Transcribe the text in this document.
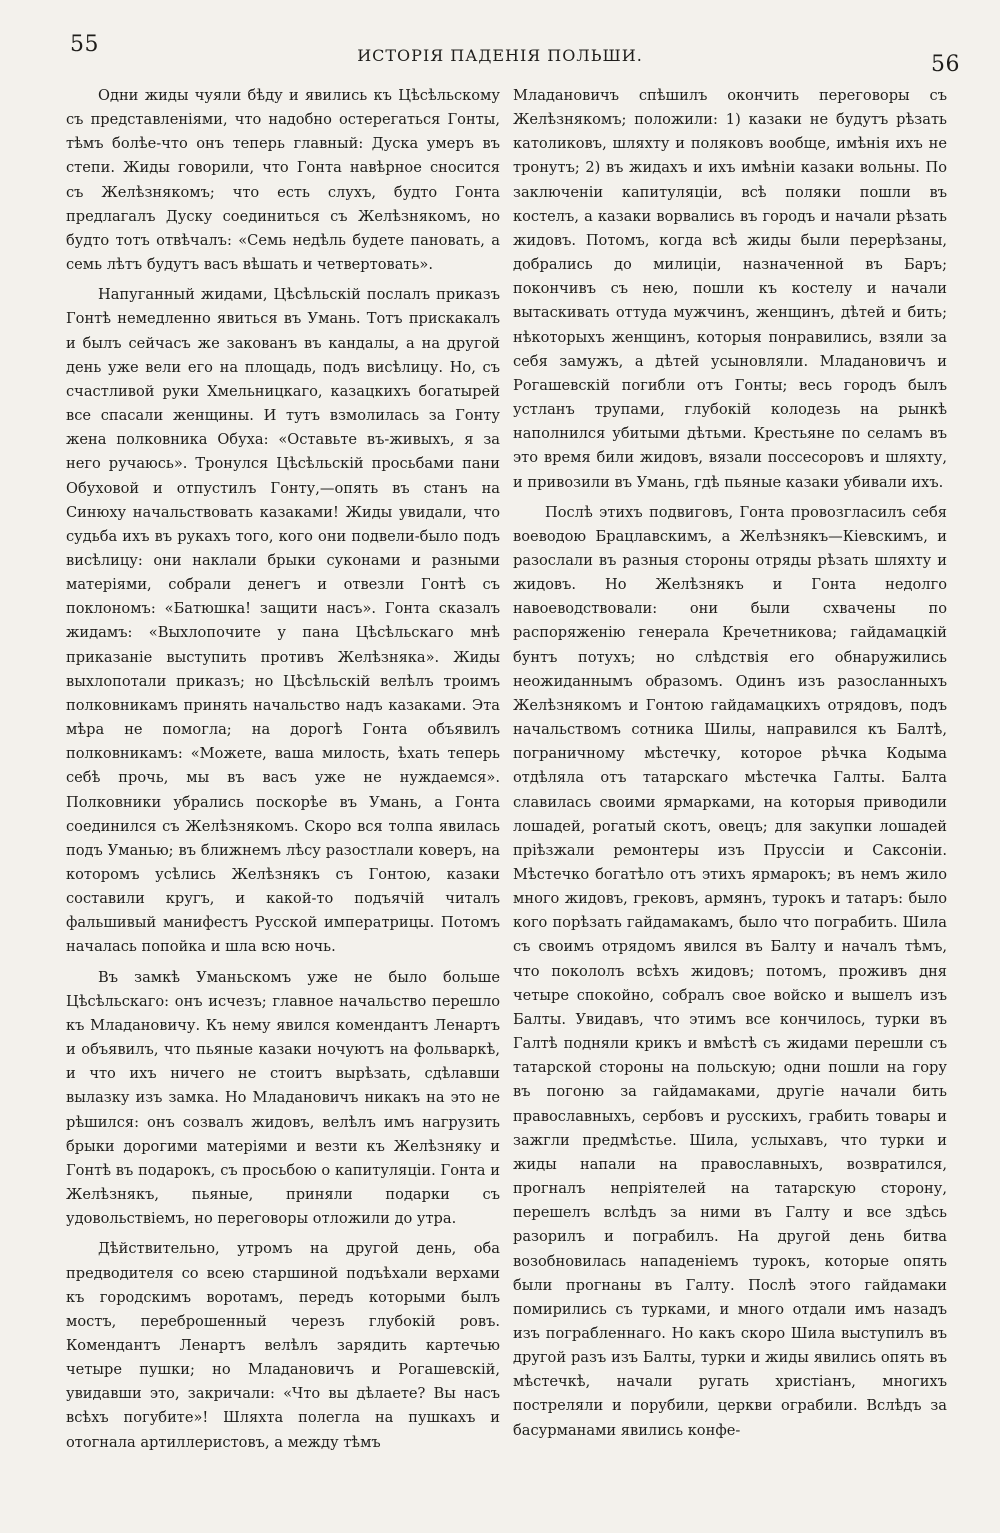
55	ИСТОРІЯ ПАДЕНІЯ ПОЛЬШИ.	56

Одни жиды чуяли бѣду и явились къ Цѣсѣльскому съ представленіями, что надобно остерегаться Гонты, тѣмъ болѣе-что онъ теперь главный: Дуска умеръ въ степи. Жиды говорили, что Гонта навѣрное сносится съ Желѣзнякомъ; что есть слухъ, будто Гонта предлагалъ Дуску соединиться съ Желѣзнякомъ, но будто тотъ отвѣчалъ: «Семь недѣль будете пановать, а семь лѣтъ будутъ васъ вѣшать и четвертовать».

Напуганный жидами, Цѣсѣльскій послалъ приказъ Гонтѣ немедленно явиться въ Умань. Тотъ прискакалъ и былъ сейчасъ же закованъ въ кандалы, а на другой день уже вели его на площадь, подъ висѣлицу. Но, съ счастливой руки Хмельницкаго, казацкихъ богатырей все спасали женщины. И тутъ взмолилась за Гонту жена полковника Обуха: «Оставьте въ-живыхъ, я за него ручаюсь». Тронулся Цѣсѣльскій просьбами пани Обуховой и отпустилъ Гонту,—опять въ станъ на Синюху начальствовать казаками! Жиды увидали, что судьба ихъ въ рукахъ того, кого они подвели-было подъ висѣлицу: они наклали брыки суконами и разными матеріями, собрали денегъ и отвезли Гонтѣ съ поклономъ: «Батюшка! защити насъ». Гонта сказалъ жидамъ: «Выхлопочите у пана Цѣсѣльскаго мнѣ приказаніе выступить противъ Желѣзняка». Жиды выхлопотали приказъ; но Цѣсѣльскій велѣлъ троимъ полковникамъ принять начальство надъ казаками. Эта мѣра не помогла; на дорогѣ Гонта объявилъ полковникамъ: «Можете, ваша милость, ѣхать теперь себѣ прочь, мы въ васъ уже не нуждаемся». Полковники убрались поскорѣе въ Умань, а Гонта соединился съ Желѣзнякомъ. Скоро вся толпа явилась подъ Уманью; въ ближнемъ лѣсу разостлали коверъ, на которомъ усѣлись Желѣзнякъ съ Гонтою, казаки составили кругъ, и какой-то подъячій читалъ фальшивый манифестъ Русской императрицы. Потомъ началась попойка и шла всю ночь.

Въ замкѣ Уманьскомъ уже не было больше Цѣсѣльскаго: онъ исчезъ; главное начальство перешло къ Младановичу. Къ нему явился комендантъ Ленартъ и объявилъ, что пьяные казаки ночуютъ на фольваркѣ, и что ихъ ничего не стоитъ вырѣзать, сдѣлавши вылазку изъ замка. Но Младановичъ никакъ на это не рѣшился: онъ созвалъ жидовъ, велѣлъ имъ нагрузить брыки дорогими матеріями и везти къ Желѣзняку и Гонтѣ въ подарокъ, съ просьбою о капитуляціи. Гонта и Желѣзнякъ, пьяные, приняли подарки съ удовольствіемъ, но переговоры отложили до утра.

Дѣйствительно, утромъ на другой день, оба предводителя со всею старшиной подъѣхали верхами къ городскимъ воротамъ, передъ которыми былъ мостъ, переброшенный черезъ глубокій ровъ. Комендантъ Ленартъ велѣлъ зарядить картечью четыре пушки; но Младановичъ и Рогашевскій, увидавши это, закричали: «Что вы дѣлаете? Вы насъ всѣхъ погубите»! Шляхта полегла на пушкахъ и отогнала артиллеристовъ, а между тѣмъ

Младановичъ спѣшилъ окончить переговоры съ Желѣзнякомъ; положили: 1) казаки не будутъ рѣзать католиковъ, шляхту и поляковъ вообще, имѣнія ихъ не тронутъ; 2) въ жидахъ и ихъ имѣніи казаки вольны. По заключеніи капитуляціи, всѣ поляки пошли въ костелъ, а казаки ворвались въ городъ и начали рѣзать жидовъ. Потомъ, когда всѣ жиды были перерѣзаны, добрались до милиціи, назначенной въ Баръ; покончивъ съ нею, пошли къ костелу и начали вытаскивать оттуда мужчинъ, женщинъ, дѣтей и бить; нѣкоторыхъ женщинъ, которыя понравились, взяли за себя замужъ, а дѣтей усыновляли. Младановичъ и Рогашевскій погибли отъ Гонты; весь городъ былъ устланъ трупами, глубокій колодезь на рынкѣ наполнился убитыми дѣтьми. Крестьяне по селамъ въ это время били жидовъ, вязали поссесоровъ и шляхту, и привозили въ Умань, гдѣ пьяные казаки убивали ихъ.

Послѣ этихъ подвиговъ, Гонта провозгласилъ себя воеводою Брацлавскимъ, а Желѣзнякъ—Кіевскимъ, и разослали въ разныя стороны отряды рѣзать шляхту и жидовъ. Но Желѣзнякъ и Гонта недолго навоеводствовали: они были схвачены по распоряженію генерала Кречетникова; гайдамацкій бунтъ потухъ; но слѣдствія его обнаружились неожиданнымъ образомъ. Одинъ изъ разосланныхъ Желѣзнякомъ и Гонтою гайдамацкихъ отрядовъ, подъ начальствомъ сотника Шилы, направился къ Балтѣ, пограничному мѣстечку, которое рѣчка Кодыма отдѣляла отъ татарскаго мѣстечка Галты. Балта славилась своими ярмарками, на которыя приводили лошадей, рогатый скотъ, овецъ; для закупки лошадей пріѣзжали ремонтеры изъ Пруссіи и Саксоніи. Мѣстечко богатѣло отъ этихъ ярмарокъ; въ немъ жило много жидовъ, грековъ, армянъ, турокъ и татаръ: было кого порѣзать гайдамакамъ, было что пограбить. Шила съ своимъ отрядомъ явился въ Балту и началъ тѣмъ, что покололъ всѣхъ жидовъ; потомъ, проживъ дня четыре спокойно, собралъ свое войско и вышелъ изъ Балты. Увидавъ, что этимъ все кончилось, турки въ Галтѣ подняли крикъ и вмѣстѣ съ жидами перешли съ татарской стороны на польскую; одни пошли на гору въ погоню за гайдамаками, другіе начали бить православныхъ, сербовъ и русскихъ, грабить товары и зажгли предмѣстье. Шила, услыхавъ, что турки и жиды напали на православныхъ, возвратился, прогналъ непріятелей на татарскую сторону, перешелъ вслѣдъ за ними въ Галту и все здѣсь разорилъ и пограбилъ. На другой день битва возобновилась нападеніемъ турокъ, которые опять были прогнаны въ Галту. Послѣ этого гайдамаки помирились съ турками, и много отдали имъ назадъ изъ пограбленнаго. Но какъ скоро Шила выступилъ въ другой разъ изъ Балты, турки и жиды явились опять въ мѣстечкѣ, начали ругать христіанъ, многихъ постреляли и порубили, церкви ограбили. Вслѣдъ за басурманами явились конфе-
